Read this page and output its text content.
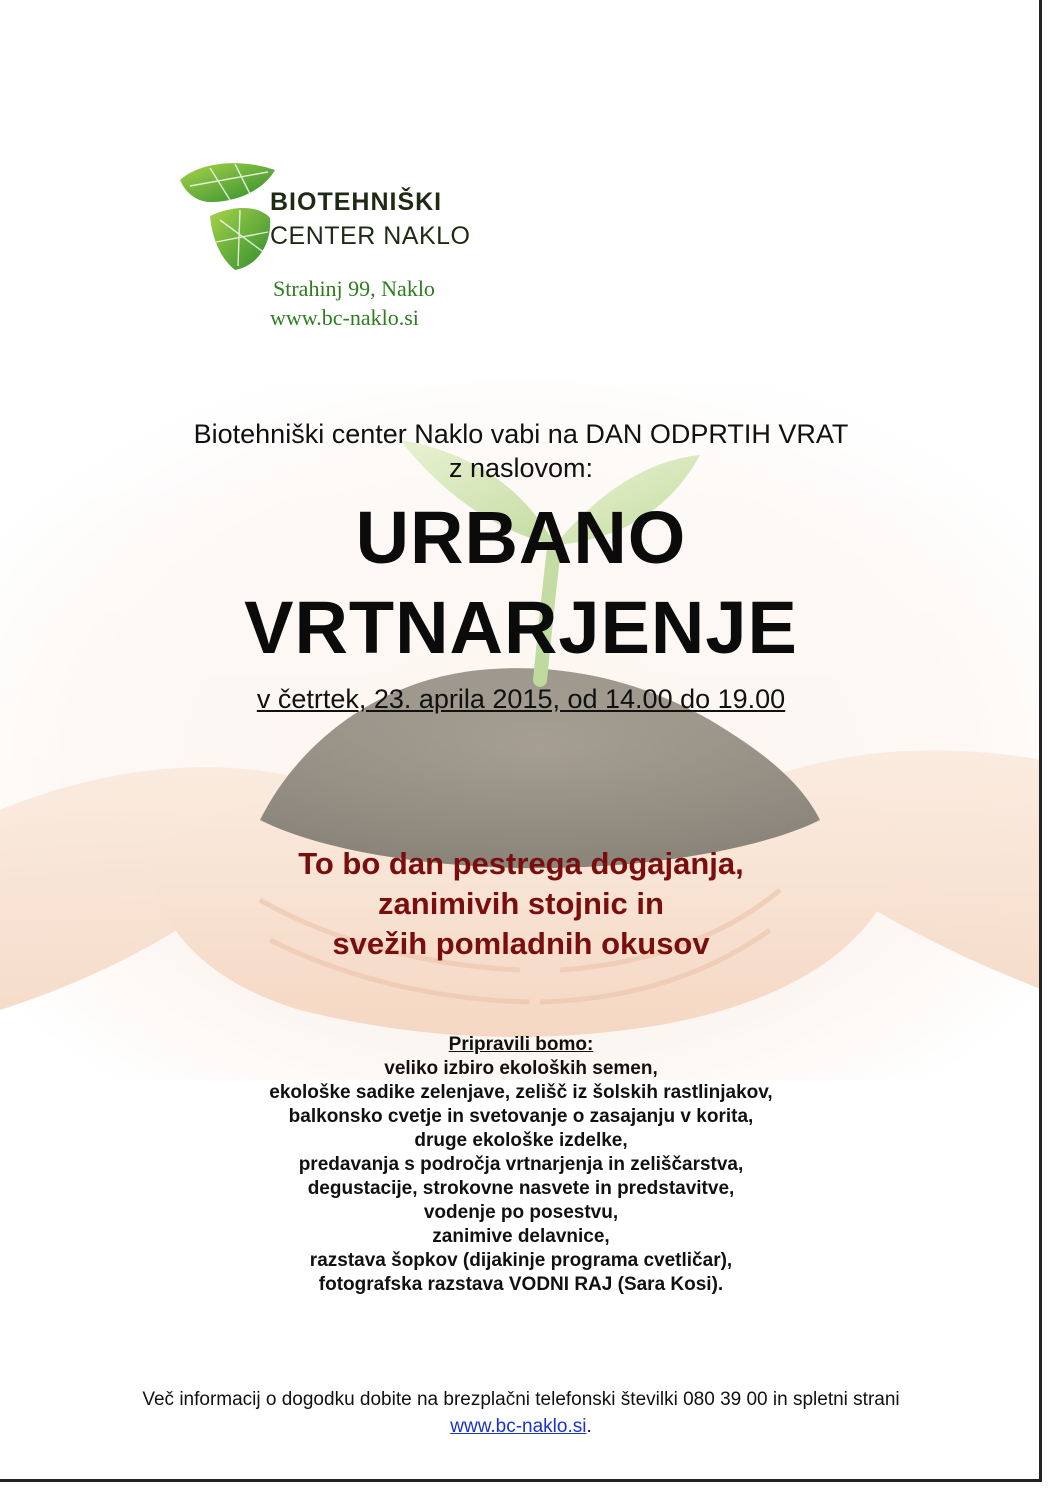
BIOTEHNIŠKI
CENTER NAKLO
Strahinj 99, Naklo
www.bc-naklo.si
Biotehniški center Naklo vabi na DAN ODPRTIH VRAT
z naslovom:
URBANO
VRTNARJENJE
v četrtek, 23. aprila 2015, od 14.00 do 19.00
To bo dan pestrega dogajanja,
zanimivih stojnic in
svežih pomladnih okusov
Pripravili bomo:
veliko izbiro ekoloških semen,
ekološke sadike zelenjave, zelišč iz šolskih rastlinjakov,
balkonsko cvetje in svetovanje o zasajanju v korita,
druge ekološke izdelke,
predavanja s področja vrtnarjenja in zeliščarstva,
degustacije, strokovne nasvete in predstavitve,
vodenje po posestvu,
zanimive delavnice,
razstava šopkov (dijakinje programa cvetličar),
fotografska razstava VODNI RAJ (Sara Kosi).
Več informacij o dogodku dobite na brezplačni telefonski številki 080 39 00 in spletni strani
www.bc-naklo.si.
